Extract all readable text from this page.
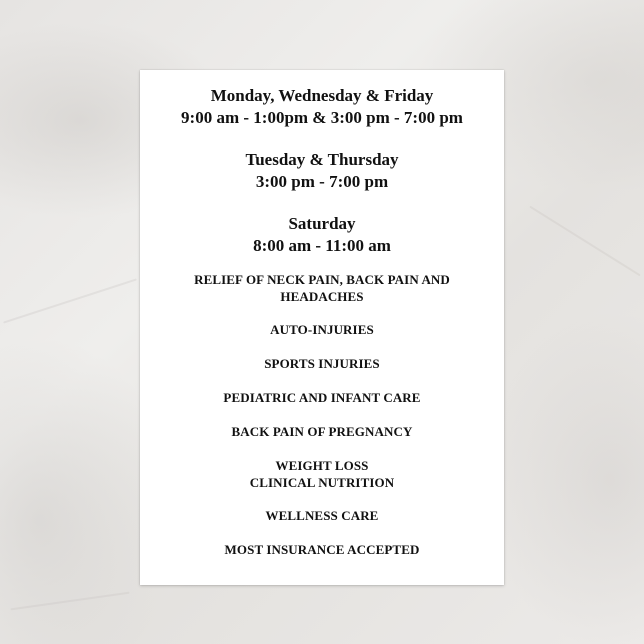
Monday, Wednesday & Friday
9:00 am - 1:00pm & 3:00 pm - 7:00 pm
Tuesday & Thursday
3:00 pm - 7:00 pm
Saturday
8:00 am - 11:00 am
RELIEF OF NECK PAIN, BACK PAIN AND
HEADACHES
AUTO-INJURIES
SPORTS INJURIES
PEDIATRIC AND INFANT CARE
BACK PAIN OF PREGNANCY
WEIGHT LOSS
CLINICAL NUTRITION
WELLNESS CARE
MOST INSURANCE ACCEPTED
